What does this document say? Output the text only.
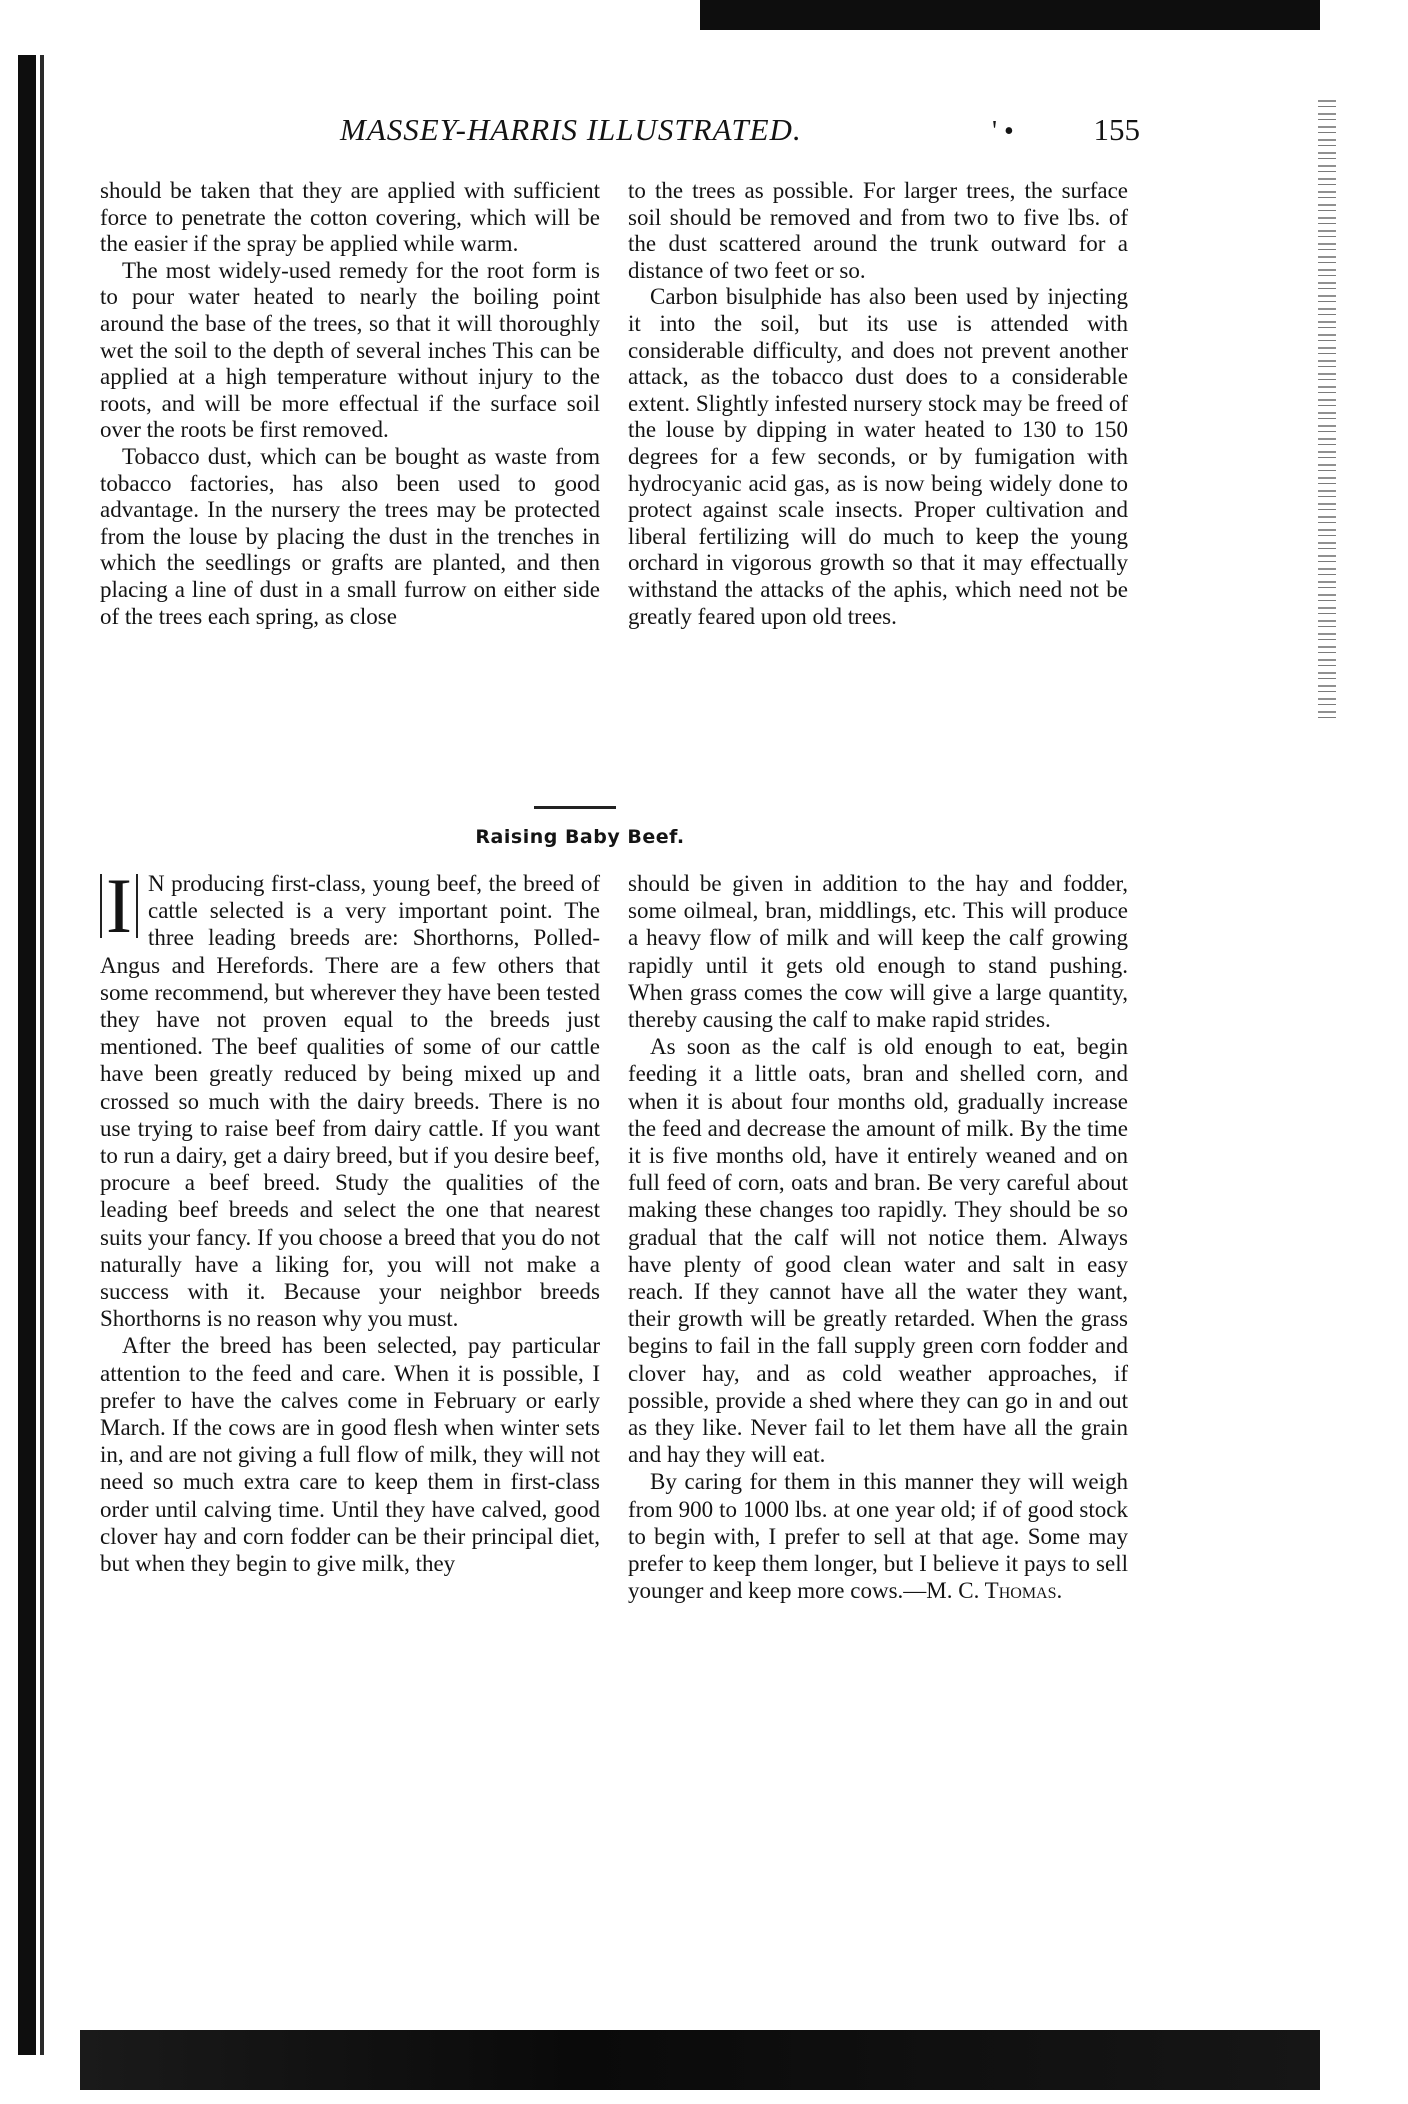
MASSEY-HARRIS ILLUSTRATED.	' •	155

should be taken that they are applied with sufficient force to penetrate the cotton covering, which will be the easier if the spray be applied while warm.

The most widely-used remedy for the root form is to pour water heated to nearly the boiling point around the base of the trees, so that it will thoroughly wet the soil to the depth of several inches This can be applied at a high temperature without injury to the roots, and will be more effectual if the surface soil over the roots be first removed.

Tobacco dust, which can be bought as waste from tobacco factories, has also been used to good advantage. In the nursery the trees may be protected from the louse by placing the dust in the trenches in which the seedlings or grafts are planted, and then placing a line of dust in a small furrow on either side of the trees each spring, as close

to the trees as possible. For larger trees, the surface soil should be removed and from two to five lbs. of the dust scattered around the trunk outward for a distance of two feet or so.

Carbon bisulphide has also been used by injecting it into the soil, but its use is attended with considerable difficulty, and does not prevent another attack, as the tobacco dust does to a considerable extent. Slightly infested nursery stock may be freed of the louse by dipping in water heated to 130 to 150 degrees for a few seconds, or by fumigation with hydrocyanic acid gas, as is now being widely done to protect against scale insects. Proper cultivation and liberal fertilizing will do much to keep the young orchard in vigorous growth so that it may effectually withstand the attacks of the aphis, which need not be greatly feared upon old trees.

Raising Baby Beef.
I N producing first-class, young beef, the breed of cattle selected is a very important point. The three leading breeds are: Shorthorns, Polled-Angus and Herefords. There are a few others that some recommend, but wherever they have been tested they have not proven equal to the breeds just mentioned. The beef qualities of some of our cattle have been greatly reduced by being mixed up and crossed so much with the dairy breeds. There is no use trying to raise beef from dairy cattle. If you want to run a dairy, get a dairy breed, but if you desire beef, procure a beef breed. Study the qualities of the leading beef breeds and select the one that nearest suits your fancy. If you choose a breed that you do not naturally have a liking for, you will not make a success with it. Because your neighbor breeds Shorthorns is no reason why you must.

After the breed has been selected, pay particular attention to the feed and care. When it is possible, I prefer to have the calves come in February or early March. If the cows are in good flesh when winter sets in, and are not giving a full flow of milk, they will not need so much extra care to keep them in first-class order until calving time. Until they have calved, good clover hay and corn fodder can be their principal diet, but when they begin to give milk, they

should be given in addition to the hay and fodder, some oilmeal, bran, middlings, etc. This will produce a heavy flow of milk and will keep the calf growing rapidly until it gets old enough to stand pushing. When grass comes the cow will give a large quantity, thereby causing the calf to make rapid strides.

As soon as the calf is old enough to eat, begin feeding it a little oats, bran and shelled corn, and when it is about four months old, gradually increase the feed and decrease the amount of milk. By the time it is five months old, have it entirely weaned and on full feed of corn, oats and bran. Be very careful about making these changes too rapidly. They should be so gradual that the calf will not notice them. Always have plenty of good clean water and salt in easy reach. If they cannot have all the water they want, their growth will be greatly retarded. When the grass begins to fail in the fall supply green corn fodder and clover hay, and as cold weather approaches, if possible, provide a shed where they can go in and out as they like. Never fail to let them have all the grain and hay they will eat.

By caring for them in this manner they will weigh from 900 to 1000 lbs. at one year old; if of good stock to begin with, I prefer to sell at that age. Some may prefer to keep them longer, but I believe it pays to sell younger and keep more cows.—M. C. Thomas.
